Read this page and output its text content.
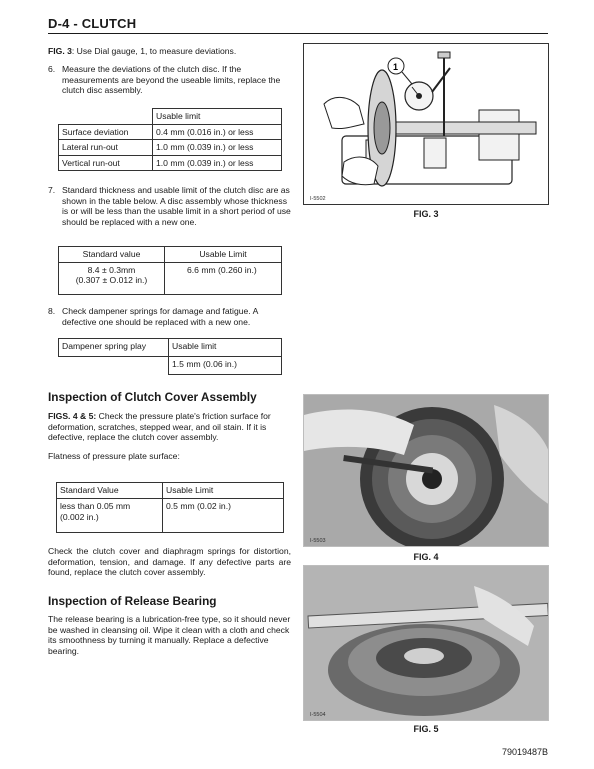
D-4 - CLUTCH
FIG. 3: Use Dial gauge, 1, to measure deviations.
6. Measure the deviations of the clutch disc. If the measurements are beyond the useable limits, replace the clutch disc assembly.
	Usable limit
Surface deviation	0.4 mm (0.016 in.) or less
Lateral run-out	1.0 mm (0.039 in.) or less
Vertical run-out	1.0 mm (0.039 in.) or less
7. Standard thickness and usable limit of the clutch disc are as shown in the table below. A disc assembly whose thickness is or will be less than the usable limit in a short period of use should be replaced with a new one.
Standard value	Usable Limit

8.4 ± 0.3mm
(0.307 ± O.012 in.)	6.6 mm (0.260 in.)
8. Check dampener springs for damage and fatigue. A defective one should be replaced with a new one.
Dampener spring play	Usable limit
	1.5 mm (0.06 in.)
Inspection of Clutch Cover Assembly
FIGS. 4 & 5: Check the pressure plate's friction surface for deformation, scratches, stepped wear, and oil stain. If it is defective, replace the clutch cover assembly.
Flatness of pressure plate surface:
Standard Value	Usable Limit

less than 0.05 mm
(0.002 in.)	0.5 mm (0.02 in.)
Check the clutch cover and diaphragm springs for distortion, deformation, tension, and damage. If any defective parts are found, replace the clutch cover assembly.
Inspection of Release Bearing
The release bearing is a lubrication-free type, so it should never be washed in cleansing oil. Wipe it clean with a cloth and check its smoothness by turning it manually. Replace a defective bearing.
1
I-5502
FIG. 3
I-5503
FIG. 4
I-5504
FIG. 5
79019487B
